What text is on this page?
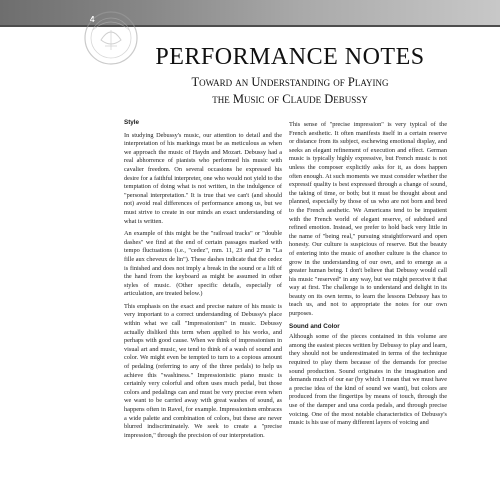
4
PERFORMANCE NOTES
Toward an Understanding of Playing
the Music of Claude Debussy
Style

In studying Debussy's music, our attention to detail and the interpretation of his markings must be as meticulous as when we approach the music of Haydn and Mozart. Debussy had a real abhorrence of pianists who performed his music with cavalier freedom. On several occasions he expressed his desire for a faithful interpreter, one who would not yield to the temptation of doing what is not written, in the indulgence of "personal interpretation." It is true that we can't (and should not) avoid real differences of performance among us, but we must strive to create in our minds an exact understanding of what is written.

An example of this might be the "railroad tracks" or "double dashes" we find at the end of certain passages marked with tempo fluctuations (i.e., "cedez", mm. 11, 23 and 27 in "La fille aux cheveux de lin"). These dashes indicate that the cedez is finished and does not imply a break in the sound or a lift of the hand from the keyboard as might be assumed in other styles of music. (Other specific details, especially of articulation, are treated below.)

This emphasis on the exact and precise nature of his music is very important to a correct understanding of Debussy's place within what we call "Impressionism" in music. Debussy actually disliked this term when applied to his works, and perhaps with good cause. When we think of impressionism in visual art and music, we tend to think of a wash of sound and color. We might even be tempted to turn to a copious amount of pedaling (referring to any of the three pedals) to help us achieve this "washiness." Impressionistic piano music is certainly very colorful and often uses much pedal, but those colors and pedalings can and must be very precise even when we want to be carried away with great washes of sound, as happens often in Ravel, for example. Impressionism embraces a wide palette and combination of colors, but these are never blurred indiscriminately. We seek to create a "precise impression," through the precision of our interpretation.

This sense of "precise impression" is very typical of the French aesthetic. It often manifests itself in a certain reserve or distance from its subject, eschewing emotional display, and seeks an elegant refinement of execution and effect. German music is typically highly expressive, but French music is not unless the composer explicitly asks for it, as does happen often enough. At such moments we must consider whether the expressif quality is best expressed through a change of sound, the taking of time, or both; but it must be thought about and planned, especially by those of us who are not born and bred to the French aesthetic. We Americans tend to be impatient with the French world of elegant reserve, of subdued and refined emotion. Instead, we prefer to hold back very little in the name of "being real," pursuing straightforward and open honesty. Our culture is suspicious of reserve. But the beauty of entering into the music of another culture is the chance to grow in the understanding of our own, and to emerge as a greater human being. I don't believe that Debussy would call his music "reserved" in any way, but we might perceive it that way at first. The challenge is to understand and delight in its beauty on its own terms, to learn the lessons Debussy has to teach us, and not to appropriate the notes for our own purposes.

Sound and Color

Although some of the pieces contained in this volume are among the easiest pieces written by Debussy to play and learn, they should not be underestimated in terms of the technique required to play them because of the demands for precise sound production. Sound originates in the imagination and demands much of our ear (by which I mean that we must have a precise idea of the kind of sound we want), but colors are produced from the fingertips by means of touch, through the use of the damper and una corda pedals, and through precise voicing. One of the most notable characteristics of Debussy's music is his use of many different layers of voicing and
